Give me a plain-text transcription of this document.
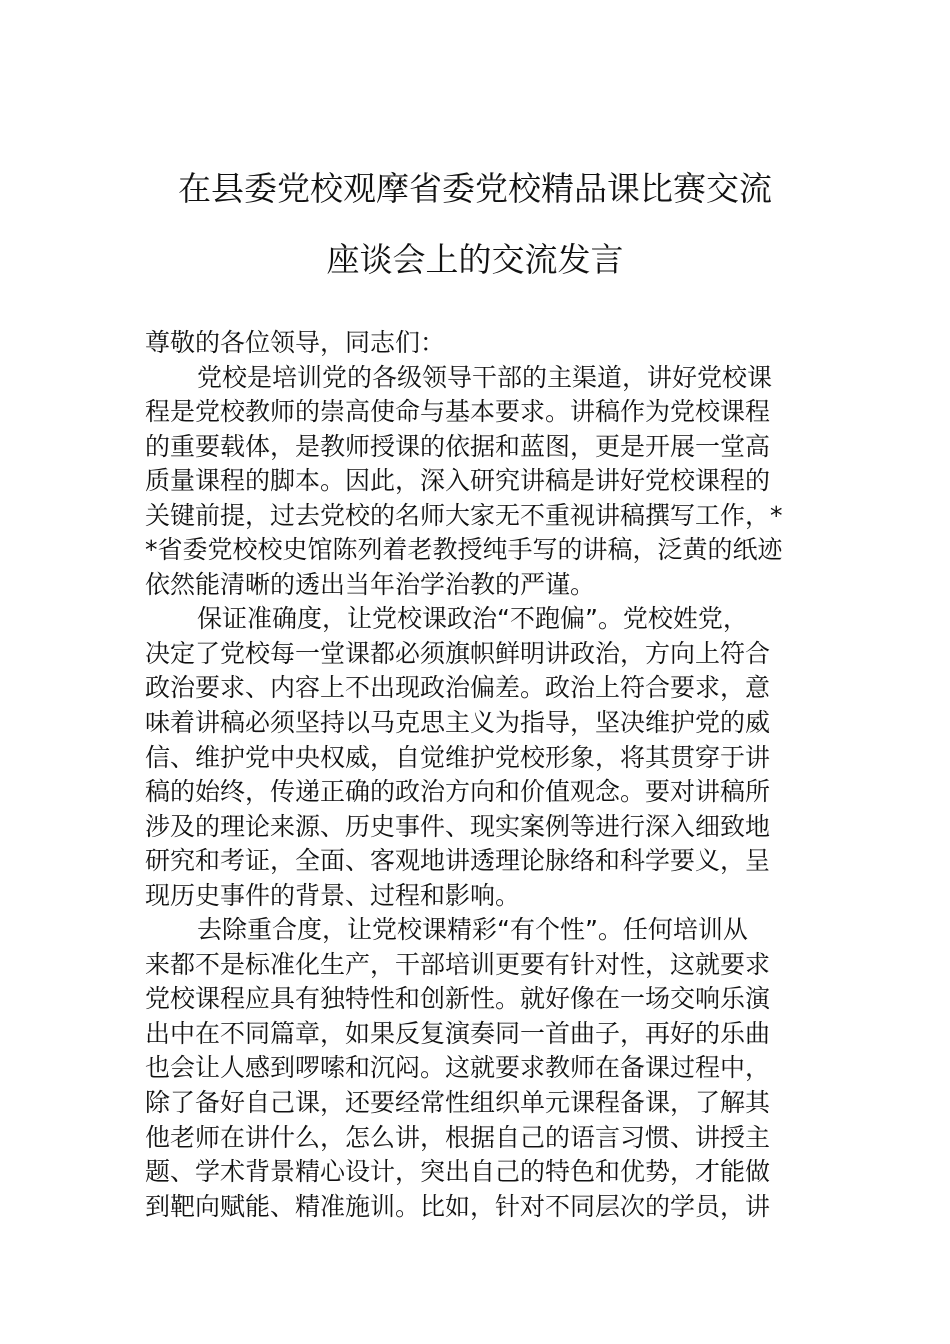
在县委党校观摩省委党校精品课比赛交流
座谈会上的交流发言
尊敬的各位领导，同志们：
党校是培训党的各级领导干部的主渠道，讲好党校课
程是党校教师的崇高使命与基本要求。讲稿作为党校课程
的重要载体，是教师授课的依据和蓝图，更是开展一堂高
质量课程的脚本。因此，深入研究讲稿是讲好党校课程的
关键前提，过去党校的名师大家无不重视讲稿撰写工作，*
*省委党校校史馆陈列着老教授纯手写的讲稿，泛黄的纸迹
依然能清晰的透出当年治学治教的严谨。
保证准确度，让党校课政治“不跑偏”。党校姓党，
决定了党校每一堂课都必须旗帜鲜明讲政治，方向上符合
政治要求、内容上不出现政治偏差。政治上符合要求，意
味着讲稿必须坚持以马克思主义为指导，坚决维护党的威
信、维护党中央权威，自觉维护党校形象，将其贯穿于讲
稿的始终，传递正确的政治方向和价值观念。要对讲稿所
涉及的理论来源、历史事件、现实案例等进行深入细致地
研究和考证，全面、客观地讲透理论脉络和科学要义，呈
现历史事件的背景、过程和影响。
去除重合度，让党校课精彩“有个性”。任何培训从
来都不是标准化生产，干部培训更要有针对性，这就要求
党校课程应具有独特性和创新性。就好像在一场交响乐演
出中在不同篇章，如果反复演奏同一首曲子，再好的乐曲
也会让人感到啰嗦和沉闷。这就要求教师在备课过程中，
除了备好自己课，还要经常性组织单元课程备课，了解其
他老师在讲什么，怎么讲，根据自己的语言习惯、讲授主
题、学术背景精心设计，突出自己的特色和优势，才能做
到靶向赋能、精准施训。比如，针对不同层次的学员，讲
